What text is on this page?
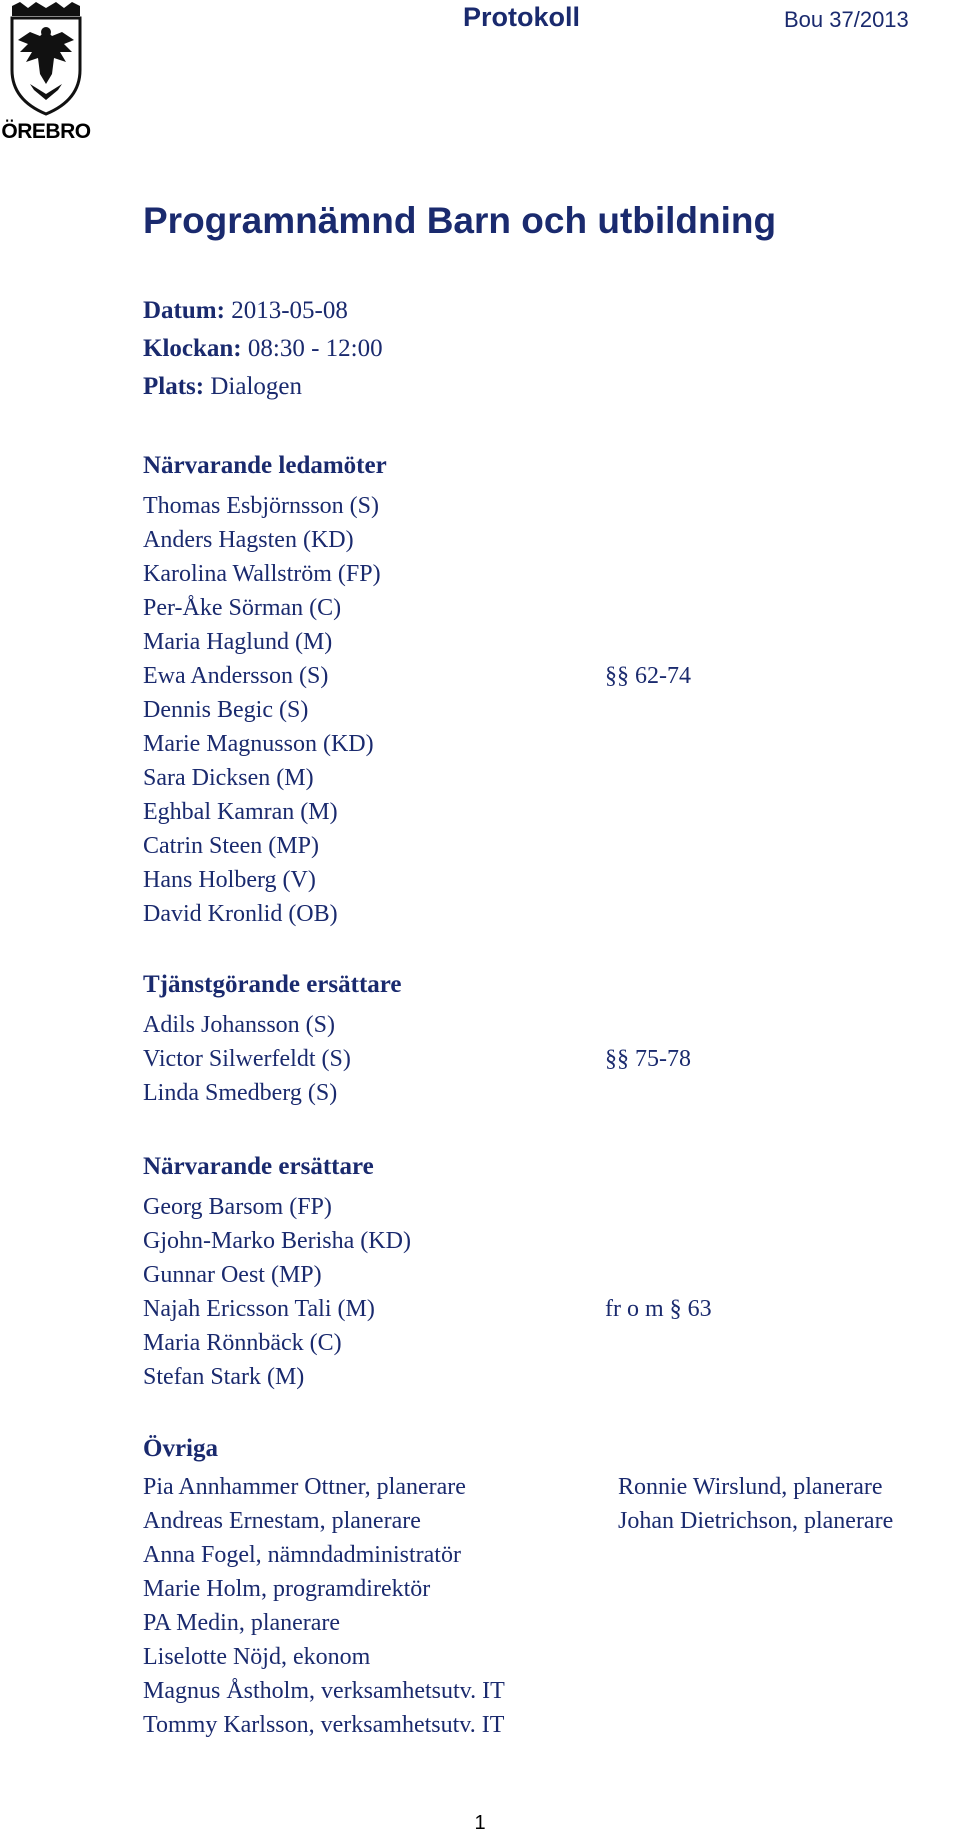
ÖREBRO
Protokoll	Bou 37/2013
Programnämnd Barn och utbildning
Datum: 2013-05-08
Klockan: 08:30 - 12:00
Plats: Dialogen
Närvarande ledamöter
Thomas Esbjörnsson (S)
Anders Hagsten (KD)
Karolina Wallström (FP)
Per-Åke Sörman (C)
Maria Haglund (M)
Ewa Andersson (S)
Dennis Begic (S)
Marie Magnusson (KD)
Sara Dicksen (M)
Eghbal Kamran (M)
Catrin Steen (MP)
Hans Holberg (V)
David Kronlid (OB)
§§ 62-74
Tjänstgörande ersättare
Adils Johansson (S)
Victor Silwerfeldt (S)
Linda Smedberg (S)
§§ 75-78
Närvarande ersättare
Georg Barsom (FP)
Gjohn-Marko Berisha (KD)
Gunnar Oest (MP)
Najah Ericsson Tali (M)
Maria Rönnbäck (C)
Stefan Stark (M)
fr o m § 63
Övriga
Pia Annhammer Ottner, planerare
Andreas Ernestam, planerare
Anna Fogel, nämndadministratör
Marie Holm, programdirektör
PA Medin, planerare
Liselotte Nöjd, ekonom
Magnus Åstholm, verksamhetsutv. IT
Tommy Karlsson, verksamhetsutv. IT
Ronnie Wirslund, planerare
Johan Dietrichson, planerare
1
